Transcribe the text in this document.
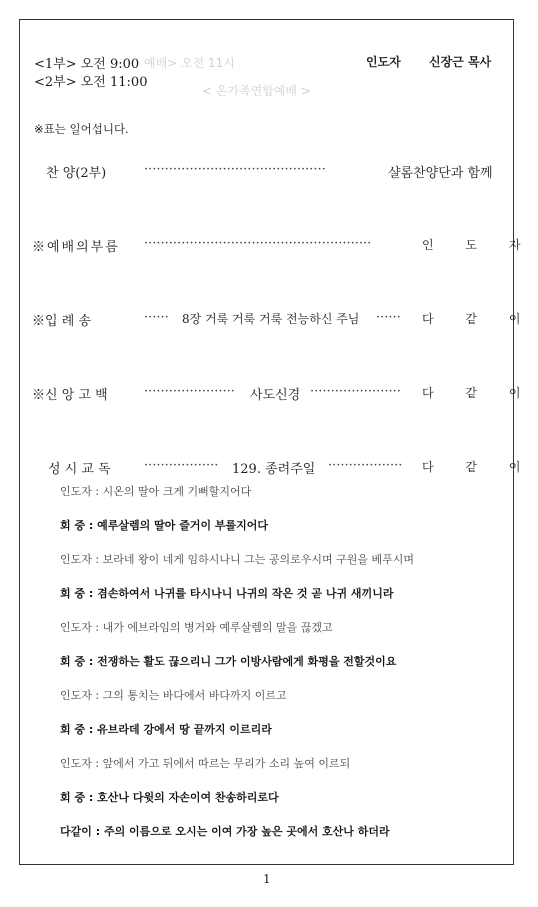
<1부> 오전 9:00
<2부> 오전 11:00
예배> 오전 11시
< 온가족연합예배 >
인도자 신장근 목사
※표는 일어섭니다.
찬 양(2부)	············································	샬롬찬양단과 함께
※예배의부름 ·······················································	인 도 자
※입 례 송	······ 8장 거룩 거룩 거룩 전능하신 주님 ······ 다 같 이
※신 앙 고 백	······················ 사도신경 ······················ 다 같 이
성 시 교 독	·················· 129. 종려주일 ·················· 다 같 이
인도자 : 시온의 딸아 크게 기뻐할지어다
회 중 : 예루살렘의 딸아 즐거이 부를지어다
인도자 : 보라네 왕이 네게 임하시나니 그는 공의로우시며 구원을 베푸시며
회 중 : 겸손하여서 나귀를 타시나니 나귀의 작은 것 곧 나귀 새끼니라
인도자 : 내가 에브라임의 병거와 예루살렘의 말을 끊겠고
회 중 : 전쟁하는 활도 끊으리니 그가 이방사람에게 화평을 전할것이요
인도자 : 그의 통치는 바다에서 바다까지 이르고
회 중 : 유브라데 강에서 땅 끝까지 이르리라
인도자 : 앞에서 가고 뒤에서 따르는 무리가 소리 높여 이르되
회 중 : 호산나 다윗의 자손이여 찬송하리로다
다같이 : 주의 이름으로 오시는 이여 가장 높은 곳에서 호산나 하더라
1
